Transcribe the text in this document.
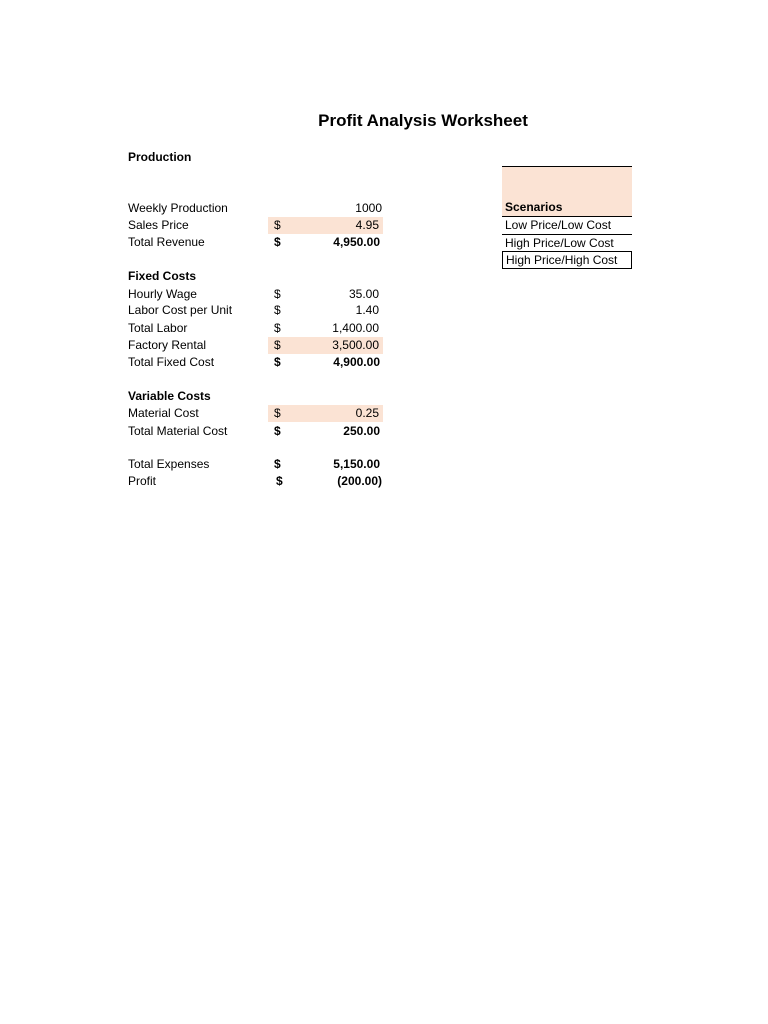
Profit Analysis Worksheet
Production
Weekly Production	1000
Sales Price	$	4.95
Total Revenue	$	4,950.00
Fixed Costs
Hourly Wage	$	35.00
Labor Cost per Unit	$	1.40
Total Labor	$	1,400.00
Factory Rental	$	3,500.00
Total Fixed Cost	$	4,900.00
Variable Costs
Material Cost	$	0.25
Total Material Cost	$	250.00
Total Expenses	$	5,150.00
Profit	$	(200.00)
Scenarios
Low Price/Low Cost
High Price/Low Cost
High Price/High Cost
